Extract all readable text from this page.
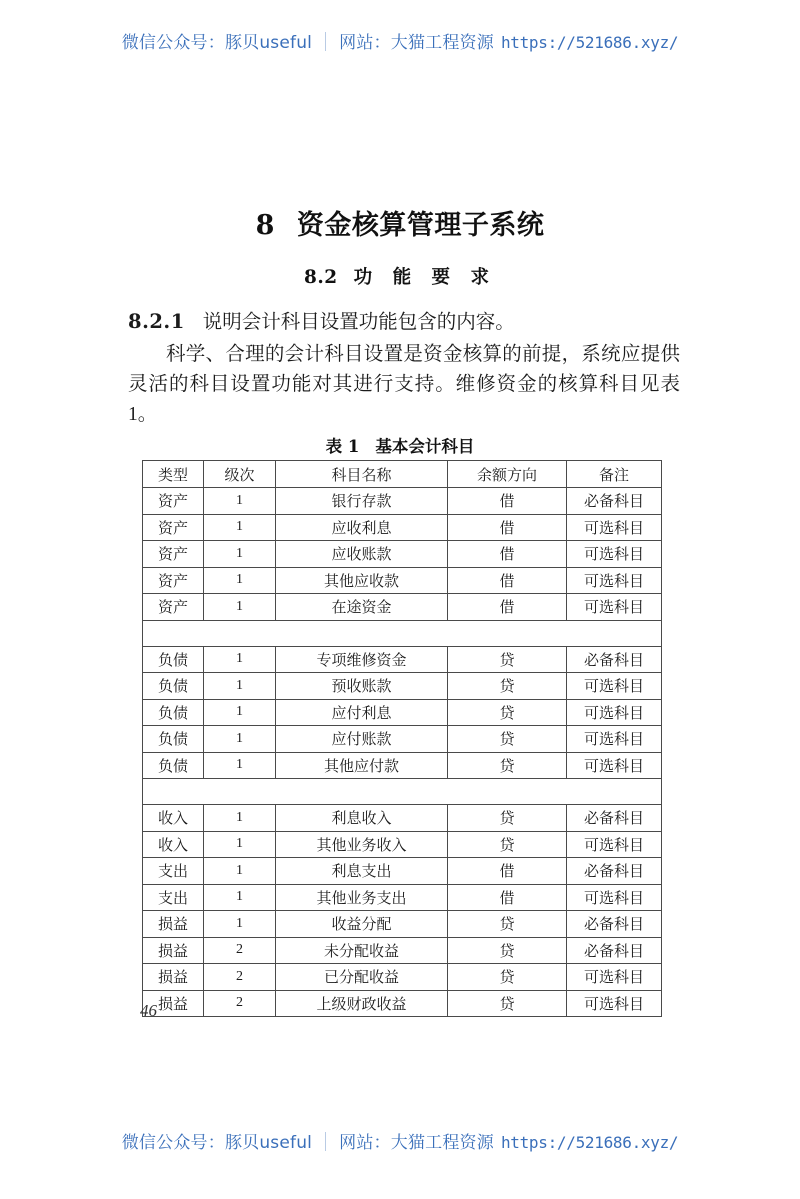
微信公众号： 豚贝useful 网站： 大猫工程资源 https://521686.xyz/
8 资金核算管理子系统
8.2 功 能 要 求
8.2.1 说明会计科目设置功能包含的内容。
科学、合理的会计科目设置是资金核算的前提，系统应提供灵活的科目设置功能对其进行支持。维修资金的核算科目见表 1。
表 1 基本会计科目
类型	级次	科目名称	余额方向	备注
资产	1	银行存款	借	必备科目
资产	1	应收利息	借	可选科目
资产	1	应收账款	借	可选科目
资产	1	其他应收款	借	可选科目
资产	1	在途资金	借	可选科目

负债	1	专项维修资金	贷	必备科目
负债	1	预收账款	贷	可选科目
负债	1	应付利息	贷	可选科目
负债	1	应付账款	贷	可选科目
负债	1	其他应付款	贷	可选科目

收入	1	利息收入	贷	必备科目
收入	1	其他业务收入	贷	可选科目
支出	1	利息支出	借	必备科目
支出	1	其他业务支出	借	可选科目
损益	1	收益分配	贷	必备科目
损益	2	未分配收益	贷	必备科目
损益	2	已分配收益	贷	可选科目
损益	2	上级财政收益	贷	可选科目
46
微信公众号： 豚贝useful 网站： 大猫工程资源 https://521686.xyz/
